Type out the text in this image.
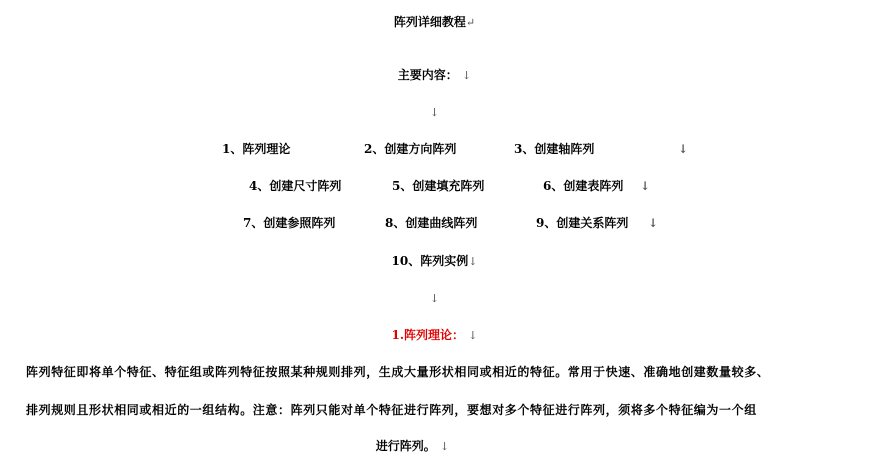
阵列详细教程↵
主要内容： ↓
↓
1、阵列理论	2、创建方向阵列	3、创建轴阵列	↓
4、创建尺寸阵列	5、创建填充阵列	6、创建表阵列 ↓
7、创建参照阵列	8、创建曲线阵列	9、创建关系阵列 ↓
10、阵列实例↓
↓
1.阵列理论： ↓
阵列特征即将单个特征、特征组或阵列特征按照某种规则排列，生成大量形状相同或相近的特征。常用于快速、准确地创建数量较多、
排列规则且形状相同或相近的一组结构。注意：阵列只能对单个特征进行阵列，要想对多个特征进行阵列，须将多个特征编为一个组
进行阵列。 ↓
